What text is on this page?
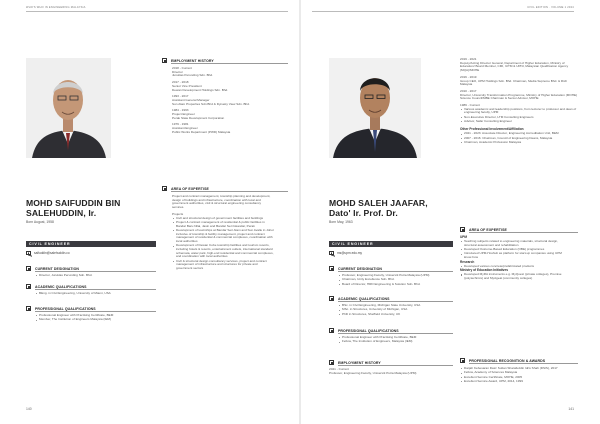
WHO'S WHO IN ENGINEERING MALAYSIA	CIVIL EDITION · VOLUME 1 2024
140	141
MOHD SAIFUDDIN BIN
SALEHUDDIN, Ir.
Born August, 1958
CIVIL ENGINEER
saifuddin@salehuddin.co
CURRENT DESIGNATION
Director, Juruklas Perunding Sdn. Bhd.
ACADEMIC QUALIFICATIONS
BEng. in Civil Engineering, University of Miami, USA
PROFESSIONAL QUALIFICATIONS
Professional Engineer with Practising Certificate, BEM
Member, The Institution of Engineers Malaysia (IEM)
EMPLOYMENT HISTORY
2018 - Current
Director
Juruklas Perunding Sdn. Bhd.
2017 - 2018
Senior Vice President
Dewan Development Holdings Sdn. Bhd.
1993 - 2017
Assistant General Manager
Sun Alam Properties Sdn Bhd & Dynasty View Sdn. Bhd.
1984 - 1993
Project Engineer
Perak State Development Corporation
1979 - 1981
Assistant Engineer
Public Works Department (PWD) Malaysia
AREA OF EXPERTISE
Project and contract management, township planning and development, design of buildings and infrastructure, coordination with local and government authorities, civil & structural engineering consultancy services.
Projects
Civil and structural design of government facilities and buildings
Project & contract management of residential & public facilities in Bandar Baru Nilai, Jasin and Bandar Seri Iskandar, Perak
Development of townships at Bandar Seri Alam and Sun Avalle in Johor inclusive of township & facility management, project and contract management of residential & commercial complexes, coordination with local authorities
Development of Dewan Cobe township facilities and tourism resorts, including hotels & resorts, entertainment outlets, international standard schemata, water park, high-end residential and commercial complexes, and coordination with local authorities
Civil & structural design consultancy services, project and contract management of infrastructure and structures for private and government sectors
MOHD SALEH JAAFAR,
Dato' Ir. Prof. Dr.
Born May, 1963
CIVIL ENGINEER
ms@upm.edu.my
CURRENT DESIGNATION
Professor, Engineering Faculty, Universiti Putra Malaysia (UPM)
Chairman, Unity Excellence Sdn. Bhd.
Board of Director, HRD Engineering & Solution Sdn. Bhd.
ACADEMIC QUALIFICATIONS
BSc. in Civil Engineering, Michigan State University, USA
MSc. in Structures, University of Michigan, USA
PhD in Structures, Sheffield University, UK
PROFESSIONAL QUALIFICATIONS
Professional Engineer with Practising Certificate, BEM
Fellow, The Institution of Engineers, Malaysia (IEM)
EMPLOYMENT HISTORY
2021 - Current
Professor, Engineering Faculty, Universiti Putra Malaysia (UPM)
2019 - 2021
Deputy/Acting Director General, Department of Higher Education, Ministry of Education/ Board Member, CMI, IUTM & UPNI, Malaysian Qualification Agency (MQA)/MOHE
2016 - 2019
Group CEO, UPM Holdings Sdn. Bhd. Chairman, Media Supreme Bhd. & Rich Malaysia
2010 - 2017
Director, University Transformation Programme, Ministry of Higher Education (MOHE) Science Council/MBE Chairman & Senior Advisor, MOHE
1989 - Current
Various academic and leadership positions, from lecturer to professor and dean of engineering faculty, UPM
Non-Executive Director, LTM Consulting Engineers
Advisor, Safar Consulting Engineer
Other Professional Involvement/Affiliation
2021 - 2023: Associate Director, Engineering Accreditation Unit, BEM
2007 - 2016: Chairman, Council of Engineering Deans, Malaysia
Chairman, Academic Profession Malaysia
AREA OF EXPERTISE
UPM
Teaching subjects related to engineering materials, structural design, structural assessment and rehabilitation
Developed Outcome-Based Education (OBE) programmes
Introduced UPM-Hoshub as platform for start-up companies using UPM know-how
Research
Developed various concrete/prefabricated products
Ministry of Education Initiatives
Developed MyRA instruments e.g. MyQuest (private colleges), Premise (polytechnics) and MyAgeat (community colleges)
PROFESSIONAL RECOGNITION & AWARDS
Darjah Kebesaran Dato' Sultan Sharafuddin Idris Shah (DSIS), 2017
Fellow, Academy of Sciences Malaysia
Excellent Service Certificate, MOHE, 2005
Excellent Service Award, UPM, 2014, 1999
